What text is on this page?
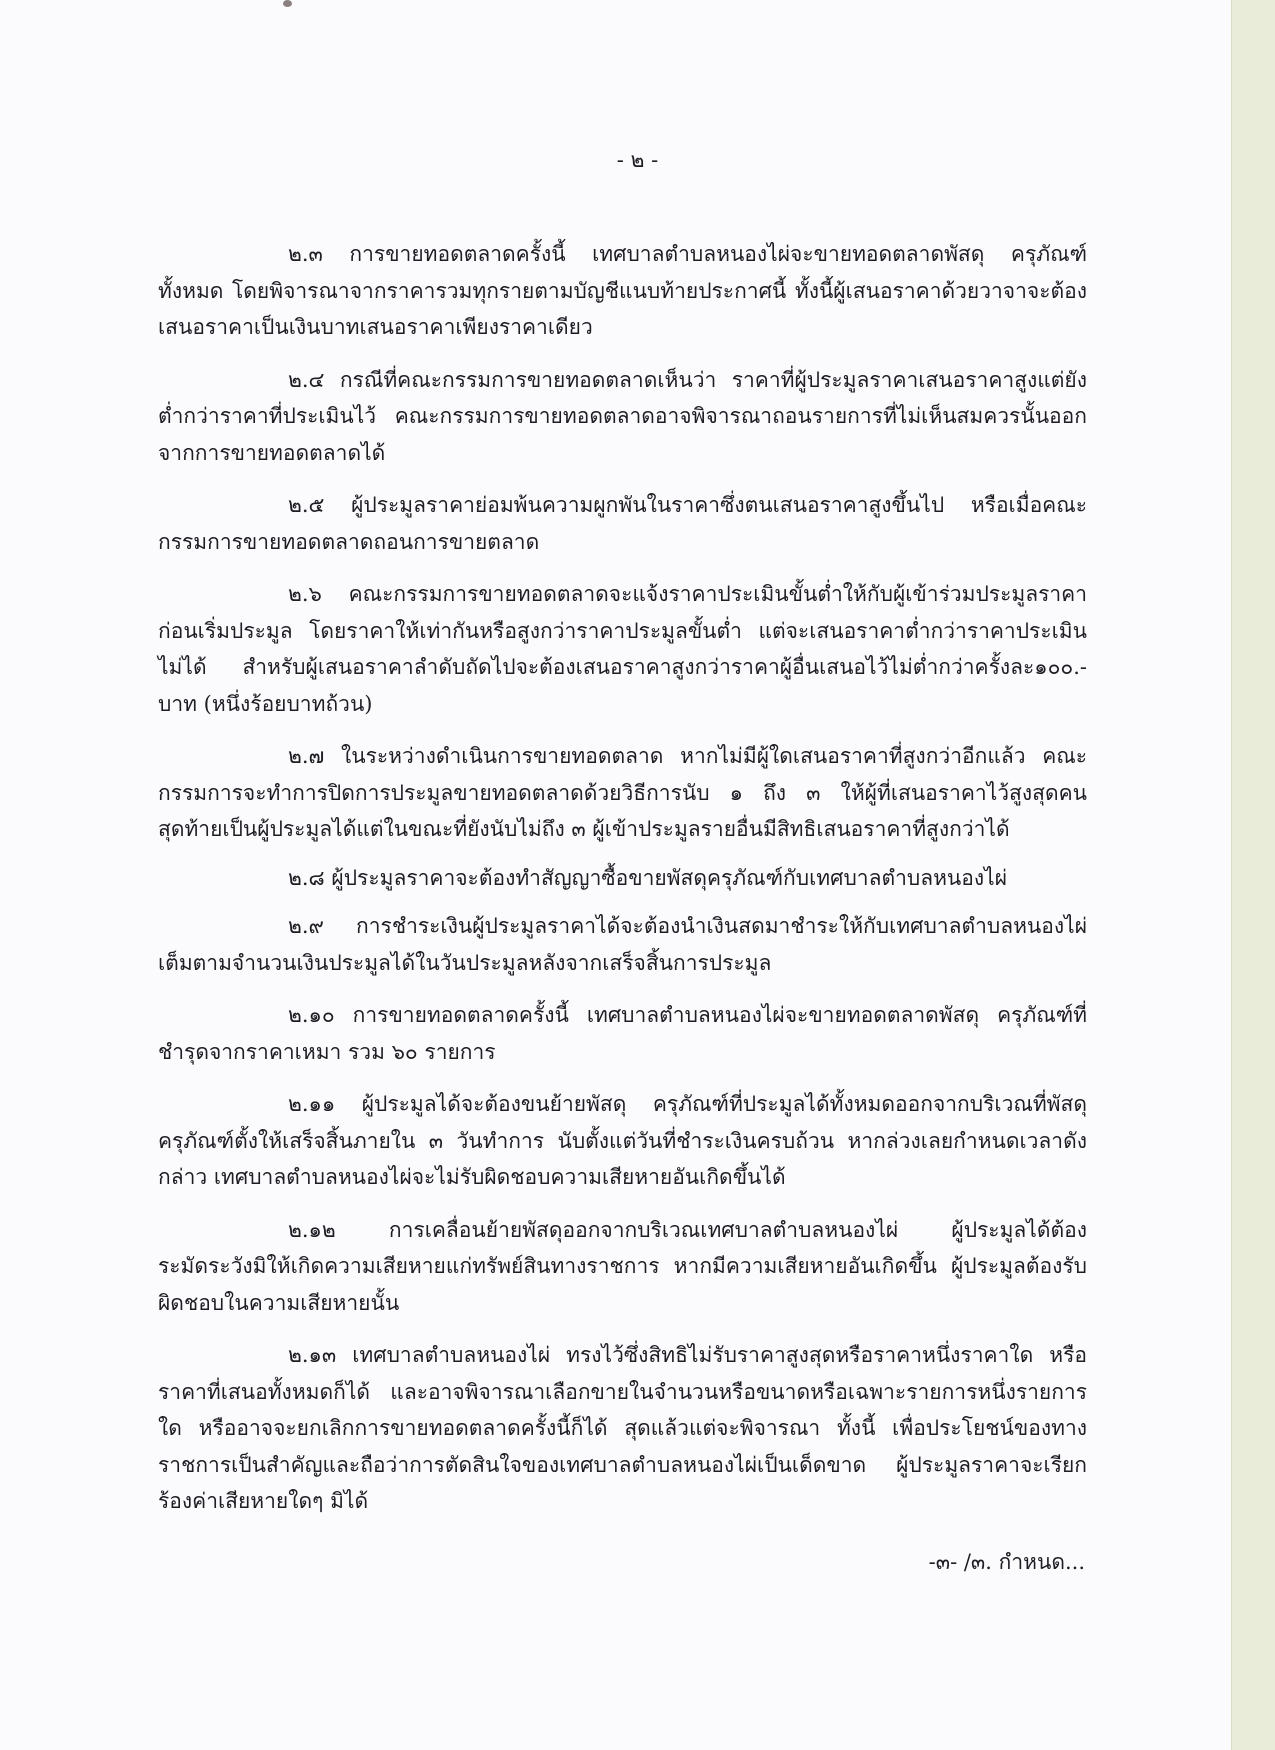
- ๒ -

๒.๓ การขายทอดตลาดครั้งนี้ เทศบาลตำบลหนองไผ่จะขายทอดตลาดพัสดุ ครุภัณฑ์ทั้งหมด โดยพิจารณาจากราคารวมทุกรายตามบัญชีแนบท้ายประกาศนี้ ทั้งนี้ผู้เสนอราคาด้วยวาจาจะต้องเสนอราคาเป็นเงินบาทเสนอราคาเพียงราคาเดียว

๒.๔ กรณีที่คณะกรรมการขายทอดตลาดเห็นว่า ราคาที่ผู้ประมูลราคาเสนอราคาสูงแต่ยังต่ำกว่าราคาที่ประเมินไว้ คณะกรรมการขายทอดตลาดอาจพิจารณาถอนรายการที่ไม่เห็นสมควรนั้นออกจากการขายทอดตลาดได้

๒.๕ ผู้ประมูลราคาย่อมพ้นความผูกพันในราคาซึ่งตนเสนอราคาสูงขึ้นไป หรือเมื่อคณะกรรมการขายทอดตลาดถอนการขายตลาด

๒.๖ คณะกรรมการขายทอดตลาดจะแจ้งราคาประเมินขั้นต่ำให้กับผู้เข้าร่วมประมูลราคาก่อนเริ่มประมูล โดยราคาให้เท่ากันหรือสูงกว่าราคาประมูลขั้นต่ำ แต่จะเสนอราคาต่ำกว่าราคาประเมินไม่ได้ สำหรับผู้เสนอราคาลำดับถัดไปจะต้องเสนอราคาสูงกว่าราคาผู้อื่นเสนอไว้ไม่ต่ำกว่าครั้งละ๑๐๐.- บาท (หนึ่งร้อยบาทถ้วน)

๒.๗ ในระหว่างดำเนินการขายทอดตลาด หากไม่มีผู้ใดเสนอราคาที่สูงกว่าอีกแล้ว คณะกรรมการจะทำการปิดการประมูลขายทอดตลาดด้วยวิธีการนับ ๑ ถึง ๓ ให้ผู้ที่เสนอราคาไว้สูงสุดคนสุดท้ายเป็นผู้ประมูลได้แต่ในขณะที่ยังนับไม่ถึง ๓ ผู้เข้าประมูลรายอื่นมีสิทธิเสนอราคาที่สูงกว่าได้

๒.๘ ผู้ประมูลราคาจะต้องทำสัญญาซื้อขายพัสดุครุภัณฑ์กับเทศบาลตำบลหนองไผ่

๒.๙ การชำระเงินผู้ประมูลราคาได้จะต้องนำเงินสดมาชำระให้กับเทศบาลตำบลหนองไผ่เต็มตามจำนวนเงินประมูลได้ในวันประมูลหลังจากเสร็จสิ้นการประมูล

๒.๑๐ การขายทอดตลาดครั้งนี้ เทศบาลตำบลหนองไผ่จะขายทอดตลาดพัสดุ ครุภัณฑ์ที่ชำรุดจากราคาเหมา รวม ๖๐ รายการ

๒.๑๑ ผู้ประมูลได้จะต้องขนย้ายพัสดุ ครุภัณฑ์ที่ประมูลได้ทั้งหมดออกจากบริเวณที่พัสดุครุภัณฑ์ตั้งให้เสร็จสิ้นภายใน ๓ วันทำการ นับตั้งแต่วันที่ชำระเงินครบถ้วน หากล่วงเลยกำหนดเวลาดังกล่าว เทศบาลตำบลหนองไผ่จะไม่รับผิดชอบความเสียหายอันเกิดขึ้นได้

๒.๑๒	การเคลื่อนย้ายพัสดุออกจากบริเวณเทศบาลตำบลหนองไผ่ ผู้ประมูลได้ต้องระมัดระวังมิให้เกิดความเสียหายแก่ทรัพย์สินทางราชการ หากมีความเสียหายอันเกิดขึ้น ผู้ประมูลต้องรับผิดชอบในความเสียหายนั้น

๒.๑๓ เทศบาลตำบลหนองไผ่ ทรงไว้ซึ่งสิทธิไม่รับราคาสูงสุดหรือราคาหนึ่งราคาใด หรือราคาที่เสนอทั้งหมดก็ได้ และอาจพิจารณาเลือกขายในจำนวนหรือขนาดหรือเฉพาะรายการหนึ่งรายการใด หรืออาจจะยกเลิกการขายทอดตลาดครั้งนี้ก็ได้ สุดแล้วแต่จะพิจารณา ทั้งนี้ เพื่อประโยชน์ของทางราชการเป็นสำคัญและถือว่าการตัดสินใจของเทศบาลตำบลหนองไผ่เป็นเด็ดขาด ผู้ประมูลราคาจะเรียกร้องค่าเสียหายใดๆ มิได้

-๓- /๓. กำหนด...
